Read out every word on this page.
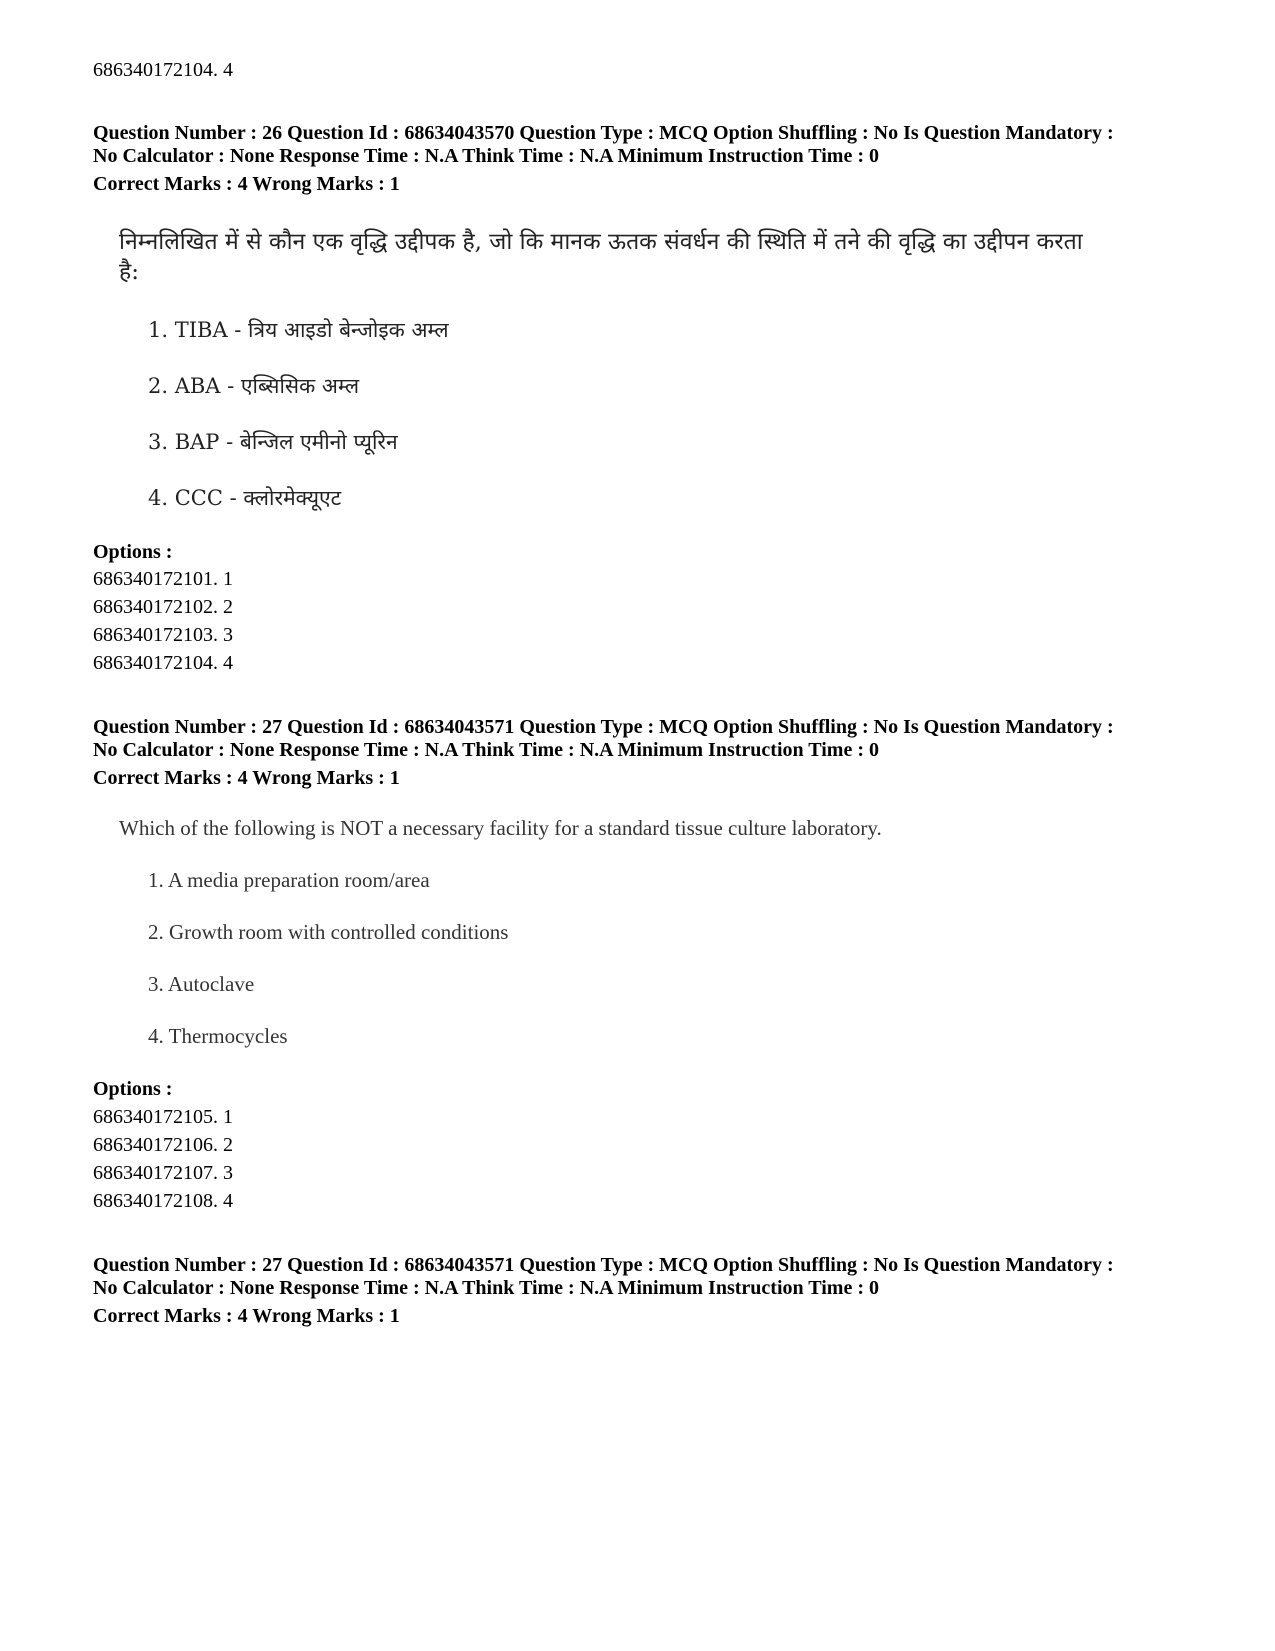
686340172104. 4
Question Number : 26 Question Id : 68634043570 Question Type : MCQ Option Shuffling : No Is Question Mandatory :
No Calculator : None Response Time : N.A Think Time : N.A Minimum Instruction Time : 0
Correct Marks : 4 Wrong Marks : 1
निम्नलिखित में से कौन एक वृद्धि उद्दीपक है, जो कि मानक ऊतक संवर्धन की स्थिति में तने की वृद्धि का उद्दीपन करता
है:
1. TIBA - त्रिय आइडो बेन्जोइक अम्ल
2. ABA - एब्सिसिक अम्ल
3. BAP - बेन्जिल एमीनो प्यूरिन
4. CCC - क्लोरमेक्यूएट
Options :
686340172101. 1
686340172102. 2
686340172103. 3
686340172104. 4
Question Number : 27 Question Id : 68634043571 Question Type : MCQ Option Shuffling : No Is Question Mandatory :
No Calculator : None Response Time : N.A Think Time : N.A Minimum Instruction Time : 0
Correct Marks : 4 Wrong Marks : 1
Which of the following is NOT a necessary facility for a standard tissue culture laboratory.
1. A media preparation room/area
2. Growth room with controlled conditions
3. Autoclave
4. Thermocycles
Options :
686340172105. 1
686340172106. 2
686340172107. 3
686340172108. 4
Question Number : 27 Question Id : 68634043571 Question Type : MCQ Option Shuffling : No Is Question Mandatory :
No Calculator : None Response Time : N.A Think Time : N.A Minimum Instruction Time : 0
Correct Marks : 4 Wrong Marks : 1
